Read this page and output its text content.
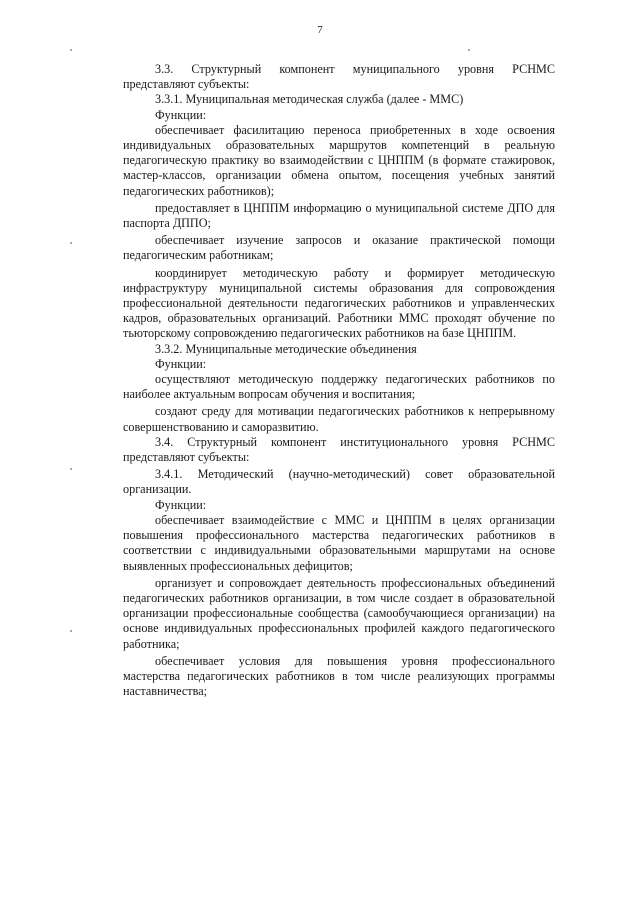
7

3.3. Структурный компонент муниципального уровня РСНМС

представляют субъекты:

3.3.1. Муниципальная методическая служба (далее - ММС)

Функции:

обеспечивает фасилитацию переноса приобретенных в ходе освоения индивидуальных образовательных маршрутов компетенций в реальную педагогическую практику во взаимодействии с ЦНППМ (в формате стажировок, мастер-классов, организации обмена опытом, посещения учебных занятий педагогических работников);

предоставляет в ЦНППМ информацию о муниципальной системе ДПО для паспорта ДППО;

обеспечивает изучение запросов и оказание практической помощи педагогическим работникам;

координирует методическую работу и формирует методическую инфраструктуру муниципальной системы образования для сопровождения профессиональной деятельности педагогических работников и управленческих кадров, образовательных организаций. Работники ММС проходят обучение по тьюторскому сопровождению педагогических работников на базе ЦНППМ.

3.3.2. Муниципальные методические объединения

Функции:

осуществляют методическую поддержку педагогических работников по наиболее актуальным вопросам обучения и воспитания;

создают среду для мотивации педагогических работников к непрерывному совершенствованию и саморазвитию.

3.4. Структурный компонент институционального уровня РСНМС

представляют субъекты:

3.4.1. Методический (научно-методический) совет образовательной организации.

Функции:

обеспечивает взаимодействие с ММС и ЦНППМ в целях организации повышения профессионального мастерства педагогических работников в соответствии с индивидуальными образовательными маршрутами на основе выявленных профессиональных дефицитов;

организует и сопровождает деятельность профессиональных объединений педагогических работников организации, в том числе создает в образовательной организации профессиональные сообщества (самообучающиеся организации) на основе индивидуальных профессиональных профилей каждого педагогического работника;

обеспечивает условия для повышения уровня профессионального мастерства педагогических работников в том числе реализующих программы наставничества;
